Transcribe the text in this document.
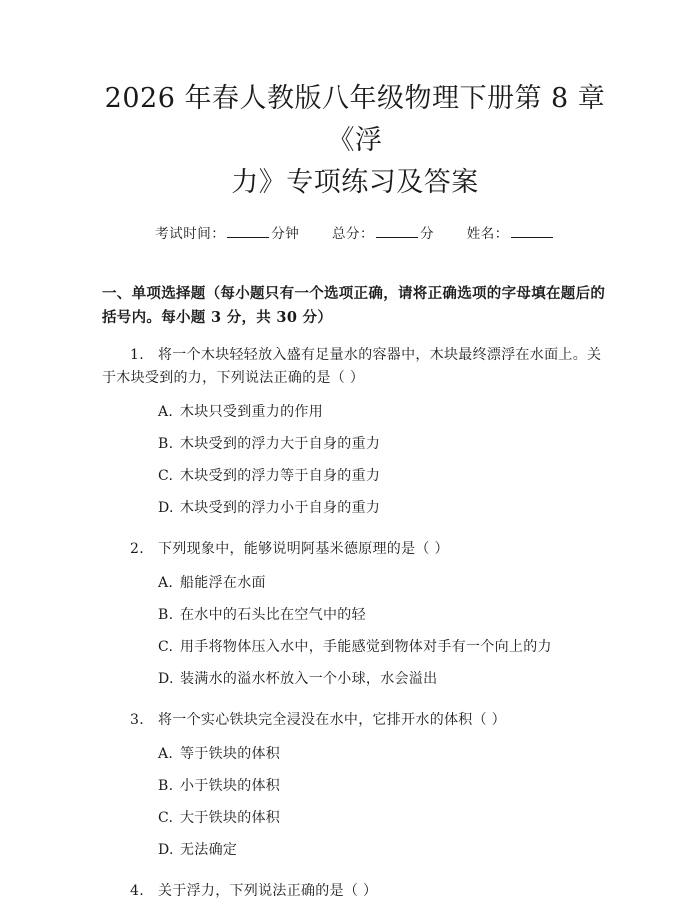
2026 年春人教版八年级物理下册第 8 章《浮
力》专项练习及答案
考试时间：	分钟 总分：	分 姓名：
一、单项选择题（每小题只有一个选项正确，请将正确选项的字母填在题后的括号内。每小题 3 分，共 30 分）
1. 将一个木块轻轻放入盛有足量水的容器中，木块最终漂浮在水面上。关于木块受到的力，下列说法正确的是（ ）
A. 木块只受到重力的作用
B. 木块受到的浮力大于自身的重力
C. 木块受到的浮力等于自身的重力
D. 木块受到的浮力小于自身的重力
2. 下列现象中，能够说明阿基米德原理的是（ ）
A. 船能浮在水面
B. 在水中的石头比在空气中的轻
C. 用手将物体压入水中，手能感觉到物体对手有一个向上的力
D. 装满水的溢水杯放入一个小球，水会溢出
3. 将一个实心铁块完全浸没在水中，它排开水的体积（ ）
A. 等于铁块的体积
B. 小于铁块的体积
C. 大于铁块的体积
D. 无法确定
4. 关于浮力，下列说法正确的是（ ）
